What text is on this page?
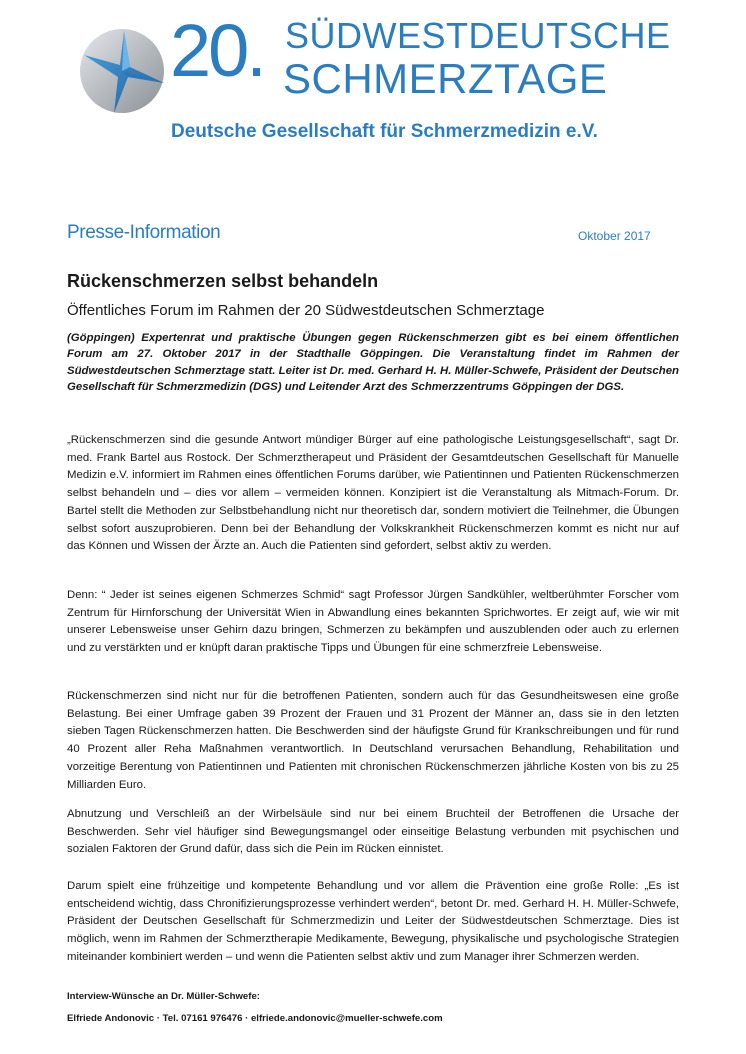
20. SÜDWESTDEUTSCHE
SCHMERZTAGE
Deutsche Gesellschaft für Schmerzmedizin e.V.
Presse-Information	Oktober 2017
Rückenschmerzen selbst behandeln
Öffentliches Forum im Rahmen der 20 Südwestdeutschen Schmerztage
(Göppingen) Expertenrat und praktische Übungen gegen Rückenschmerzen gibt es bei einem öffentlichen Forum am 27. Oktober 2017 in der Stadthalle Göppingen. Die Veranstaltung findet im Rahmen der Südwestdeutschen Schmerztage statt. Leiter ist Dr. med. Gerhard H. H. Müller-Schwefe, Präsident der Deutschen Gesellschaft für Schmerzmedizin (DGS) und Leitender Arzt des Schmerzzentrums Göppingen der DGS.
„Rückenschmerzen sind die gesunde Antwort mündiger Bürger auf eine pathologische Leistungsgesellschaft“, sagt Dr. med. Frank Bartel aus Rostock. Der Schmerztherapeut und Präsident der Gesamtdeutschen Gesellschaft für Manuelle Medizin e.V. informiert im Rahmen eines öffentlichen Forums darüber, wie Patientinnen und Patienten Rückenschmerzen selbst behandeln und – dies vor allem – vermeiden können. Konzipiert ist die Veranstaltung als Mitmach-Forum. Dr. Bartel stellt die Methoden zur Selbstbehandlung nicht nur theoretisch dar, sondern motiviert die Teilnehmer, die Übungen selbst sofort auszuprobieren. Denn bei der Behandlung der Volkskrankheit Rückenschmerzen kommt es nicht nur auf das Können und Wissen der Ärzte an. Auch die Patienten sind gefordert, selbst aktiv zu werden.
Denn: “ Jeder ist seines eigenen Schmerzes Schmid“ sagt Professor Jürgen Sandkühler, weltberühmter Forscher vom Zentrum für Hirnforschung der Universität Wien in Abwandlung eines bekannten Sprichwortes. Er zeigt auf, wie wir mit unserer Lebensweise unser Gehirn dazu bringen, Schmerzen zu bekämpfen und auszublenden oder auch zu erlernen und zu verstärkten und er knüpft daran praktische Tipps und Übungen für eine schmerzfreie Lebensweise.
Rückenschmerzen sind nicht nur für die betroffenen Patienten, sondern auch für das Gesundheitswesen eine große Belastung. Bei einer Umfrage gaben 39 Prozent der Frauen und 31 Prozent der Männer an, dass sie in den letzten sieben Tagen Rückenschmerzen hatten. Die Beschwerden sind der häufigste Grund für Krankschreibungen und für rund 40 Prozent aller Reha Maßnahmen verantwortlich. In Deutschland verursachen Behandlung, Rehabilitation und vorzeitige Berentung von Patientinnen und Patienten mit chronischen Rückenschmerzen jährliche Kosten von bis zu 25 Milliarden Euro.
Abnutzung und Verschleiß an der Wirbelsäule sind nur bei einem Bruchteil der Betroffenen die Ursache der Beschwerden. Sehr viel häufiger sind Bewegungsmangel oder einseitige Belastung verbunden mit psychischen und sozialen Faktoren der Grund dafür, dass sich die Pein im Rücken einnistet.
Darum spielt eine frühzeitige und kompetente Behandlung und vor allem die Prävention eine große Rolle: „Es ist entscheidend wichtig, dass Chronifizierungsprozesse verhindert werden“, betont Dr. med. Gerhard H. H. Müller-Schwefe, Präsident der Deutschen Gesellschaft für Schmerzmedizin und Leiter der Südwestdeutschen Schmerztage. Dies ist möglich, wenn im Rahmen der Schmerztherapie Medikamente, Bewegung, physikalische und psychologische Strategien miteinander kombiniert werden – und wenn die Patienten selbst aktiv und zum Manager ihrer Schmerzen werden.
Interview-Wünsche an Dr. Müller-Schwefe:
Elfriede Andonovic · Tel. 07161 976476 · elfriede.andonovic@mueller-schwefe.com
